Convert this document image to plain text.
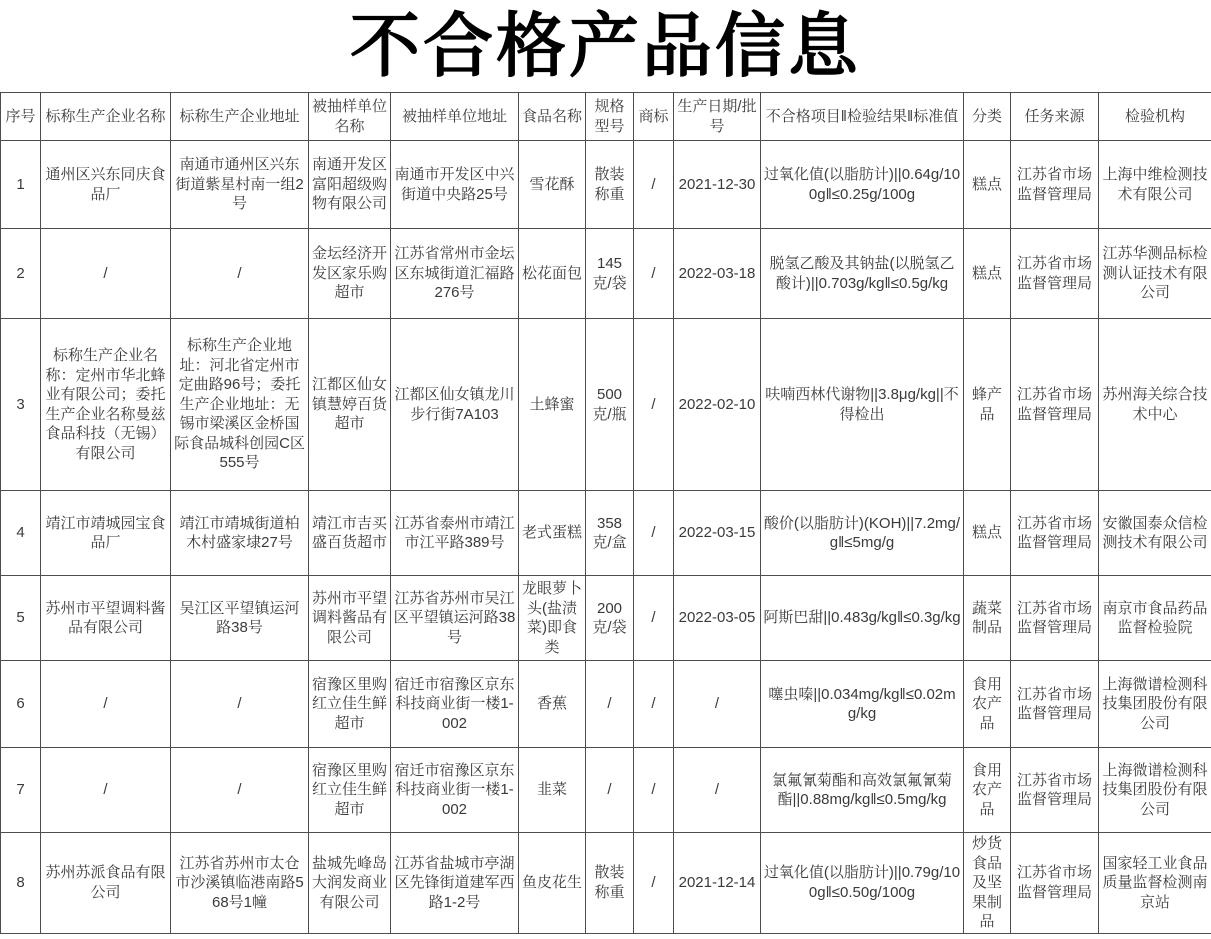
不合格产品信息
序号	标称生产企业名称	标称生产企业地址	被抽样单位名称	被抽样单位地址	食品名称	规格型号	商标	生产日期/批号	不合格项目‖检验结果‖标准值	分类	任务来源	检验机构
1	通州区兴东同庆食品厂	南通市通州区兴东街道紫星村南一组2号	南通开发区富阳超级购物有限公司	南通市开发区中兴街道中央路25号	雪花酥	散装称重	/	2021-12-30	过氧化值(以脂肪计)||0.64g/100g‖≤0.25g/100g	糕点	江苏省市场监督管理局	上海中维检测技术有限公司
2	/	/	金坛经济开发区家乐购超市	江苏省常州市金坛区东城街道汇福路276号	松花面包	145克/袋	/	2022-03-18	脱氢乙酸及其钠盐(以脱氢乙酸计)||0.703g/kg‖≤0.5g/kg	糕点	江苏省市场监督管理局	江苏华测品标检测认证技术有限公司
3	标称生产企业名称：定州市华北蜂业有限公司；委托生产企业名称曼兹食品科技（无锡）有限公司	标称生产企业地址：河北省定州市定曲路96号；委托生产企业地址：无锡市梁溪区金桥国际食品城科创园C区555号	江都区仙女镇慧婷百货超市	江都区仙女镇龙川步行街7A103	土蜂蜜	500克/瓶	/	2022-02-10	呋喃西林代谢物||3.8μg/kg||不得检出	蜂产品	江苏省市场监督管理局	苏州海关综合技术中心
4	靖江市靖城园宝食品厂	靖江市靖城街道柏木村盛家埭27号	靖江市吉买盛百货超市	江苏省泰州市靖江市江平路389号	老式蛋糕	358克/盒	/	2022-03-15	酸价(以脂肪计)(KOH)||7.2mg/g‖≤5mg/g	糕点	江苏省市场监督管理局	安徽国泰众信检测技术有限公司
5	苏州市平望调料酱品有限公司	吴江区平望镇运河路38号	苏州市平望调料酱品有限公司	江苏省苏州市吴江区平望镇运河路38号	龙眼萝卜头(盐渍菜)即食类	200克/袋	/	2022-03-05	阿斯巴甜||0.483g/kg‖≤0.3g/kg	蔬菜制品	江苏省市场监督管理局	南京市食品药品监督检验院
6	/	/	宿豫区里购红立佳生鲜超市	宿迁市宿豫区京东科技商业街一楼1-002	香蕉	/	/	/	噻虫嗪||0.034mg/kg‖≤0.02mg/kg	食用农产品	江苏省市场监督管理局	上海微谱检测科技集团股份有限公司
7	/	/	宿豫区里购红立佳生鲜超市	宿迁市宿豫区京东科技商业街一楼1-002	韭菜	/	/	/	氯氟氰菊酯和高效氯氟氰菊酯||0.88mg/kg‖≤0.5mg/kg	食用农产品	江苏省市场监督管理局	上海微谱检测科技集团股份有限公司
8	苏州苏派食品有限公司	江苏省苏州市太仓市沙溪镇临港南路568号1幢	盐城先峰岛大润发商业有限公司	江苏省盐城市亭湖区先锋街道建军西路1-2号	鱼皮花生	散装称重	/	2021-12-14	过氧化值(以脂肪计)||0.79g/100g‖≤0.50g/100g	炒货食品及坚果制品	江苏省市场监督管理局	国家轻工业食品质量监督检测南京站
